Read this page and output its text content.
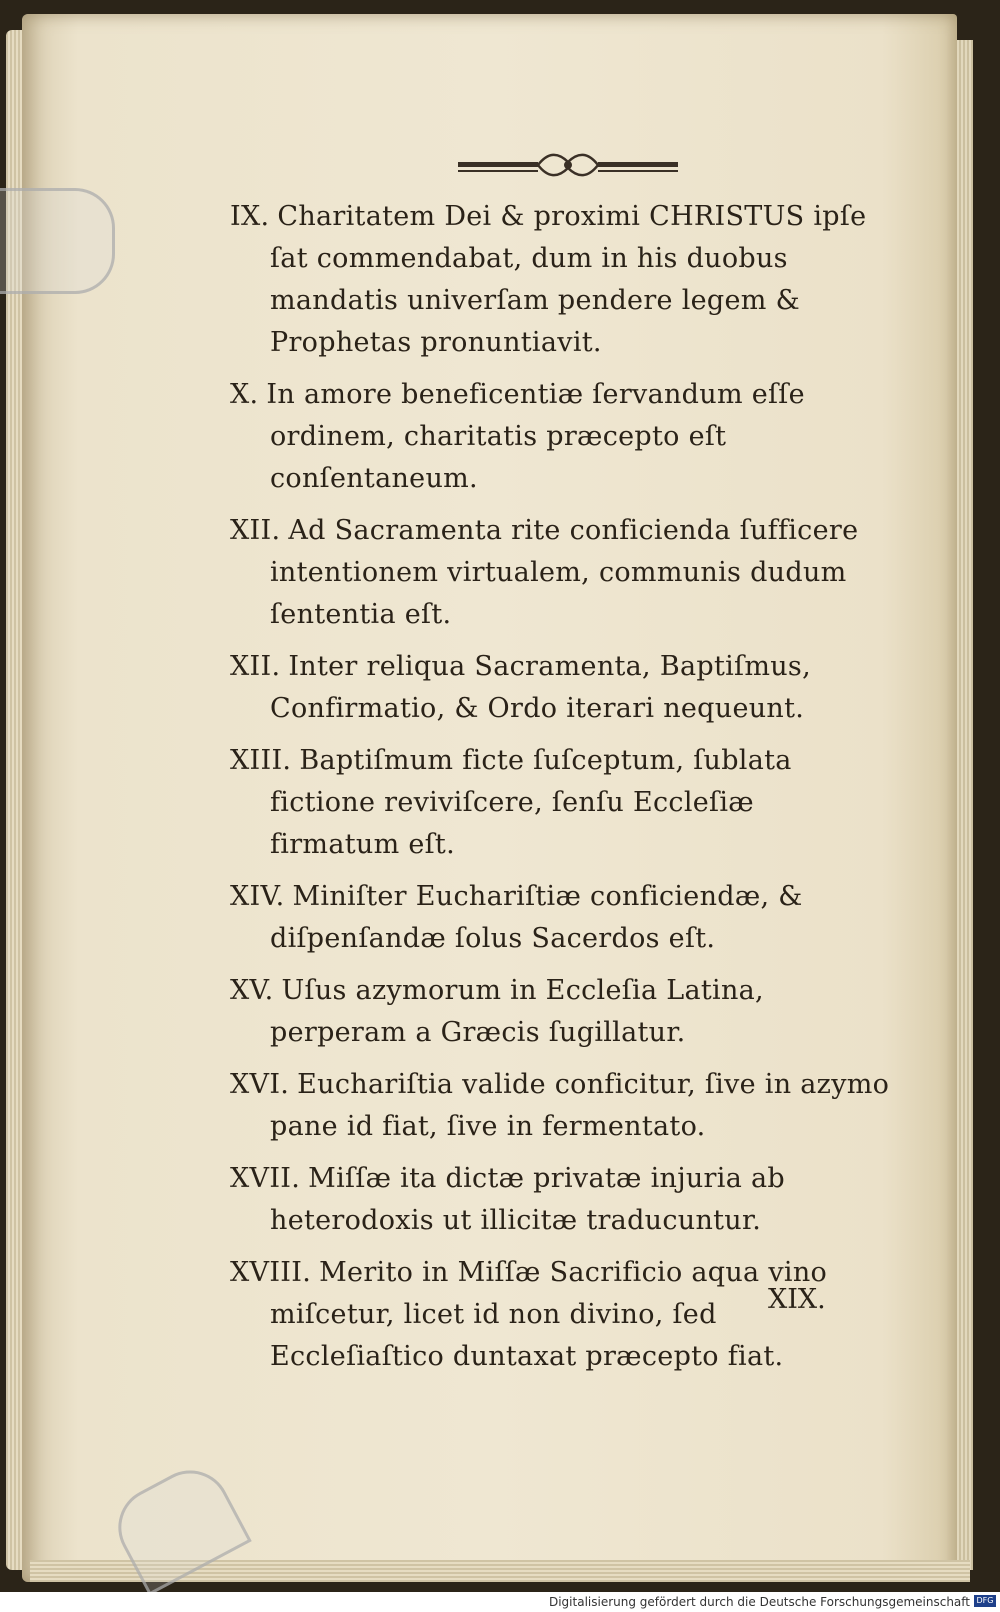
IX. Charitatem Dei & proximi CHRISTUS ipſe ſat commendabat, dum in his duobus mandatis univerſam pendere legem & Prophetas pronuntiavit.

X. In amore beneficentiæ ſervandum eſſe ordinem, charitatis præcepto eſt conſentaneum.

XII. Ad Sacramenta rite conficienda ſufficere intentionem virtualem, communis dudum ſententia eſt.

XII. Inter reliqua Sacramenta, Baptiſmus, Confirmatio, & Ordo iterari nequeunt.

XIII. Baptiſmum ficte ſuſceptum, ſublata fictione reviviſcere, ſenſu Eccleſiæ firmatum eſt.

XIV. Miniſter Euchariſtiæ conficiendæ, & diſpenſandæ ſolus Sacerdos eſt.

XV. Uſus azymorum in Eccleſia Latina, perperam a Græcis ſugillatur.

XVI. Euchariſtia valide conficitur, ſive in azymo pane id fiat, ſive in fermentato.

XVII. Miſſæ ita dictæ privatæ injuria ab heterodoxis ut illicitæ traducuntur.

XVIII. Merito in Miſſæ Sacrificio aqua vino miſcetur, licet id non divino, ſed Eccleſiaſtico duntaxat præcepto fiat.

XIX.
Digitalisierung gefördert durch die Deutsche Forschungsgemeinschaft DFG
